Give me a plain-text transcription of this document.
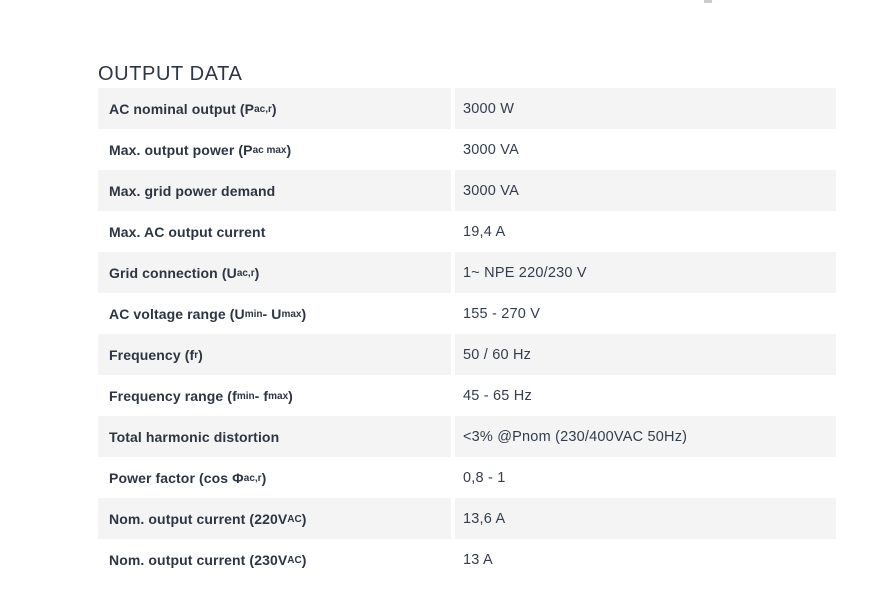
OUTPUT DATA
AC nominal output ($P_{ac,r}$ )	3000 W
Max. output power ($P_{ac max}$ )	3000 VA
Max. grid power demand	3000 VA
Max. AC output current	19,4 A
Grid connection ($U_{ac,r}$ )	1~ NPE 220/230 V
AC voltage range ($U_{min} - U_{max}$ )	155 - 270 V
Frequency ($f_r$ )	50 / 60 Hz
Frequency range ($f_{min} - f_{max}$ )	45 - 65 Hz
Total harmonic distortion	<3% @Pnom (230/400VAC 50Hz)
Power factor (cos $\Phi_{ac,r}$ )	0,8 - 1
Nom. output current ($220V_{AC}$ )	13,6 A
Nom. output current ($230V_{AC}$ )	13 A
